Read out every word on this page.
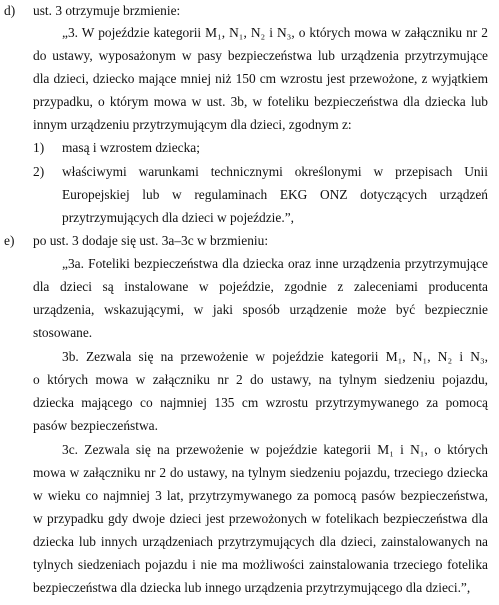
d) ust. 3 otrzymuje brzmienie:

„3. W pojeździe kategorii M₁, N₁, N₂ i N₃, o których mowa w załączniku nr 2

do ustawy, wyposażonym w pasy bezpieczeństwa lub urządzenia przytrzymujące

dla dzieci, dziecko mające mniej niż 150 cm wzrostu jest przewożone, z wyjątkiem

przypadku, o którym mowa w ust. 3b, w foteliku bezpieczeństwa dla dziecka lub

innym urządzeniu przytrzymującym dla dzieci, zgodnym z:

1) masą i wzrostem dziecka;

2) właściwymi warunkami technicznymi określonymi w przepisach Unii

Europejskiej lub w regulaminach EKG ONZ dotyczących urządzeń

przytrzymujących dla dzieci w pojeździe.”,

e) po ust. 3 dodaje się ust. 3a–3c w brzmieniu:

„3a. Foteliki bezpieczeństwa dla dziecka oraz inne urządzenia przytrzymujące

dla dzieci są instalowane w pojeździe, zgodnie z zaleceniami producenta

urządzenia, wskazującymi, w jaki sposób urządzenie może być bezpiecznie

stosowane.

3b. Zezwala się na przewożenie w pojeździe kategorii M₁, N₁, N₂ i N₃,

o których mowa w załączniku nr 2 do ustawy, na tylnym siedzeniu pojazdu,

dziecka mającego co najmniej 135 cm wzrostu przytrzymywanego za pomocą

pasów bezpieczeństwa.

3c. Zezwala się na przewożenie w pojeździe kategorii M₁ i N₁, o których

mowa w załączniku nr 2 do ustawy, na tylnym siedzeniu pojazdu, trzeciego dziecka

w wieku co najmniej 3 lat, przytrzymywanego za pomocą pasów bezpieczeństwa,

w przypadku gdy dwoje dzieci jest przewożonych w fotelikach bezpieczeństwa dla

dziecka lub innych urządzeniach przytrzymujących dla dzieci, zainstalowanych na

tylnych siedzeniach pojazdu i nie ma możliwości zainstalowania trzeciego fotelika

bezpieczeństwa dla dziecka lub innego urządzenia przytrzymującego dla dzieci.”,
